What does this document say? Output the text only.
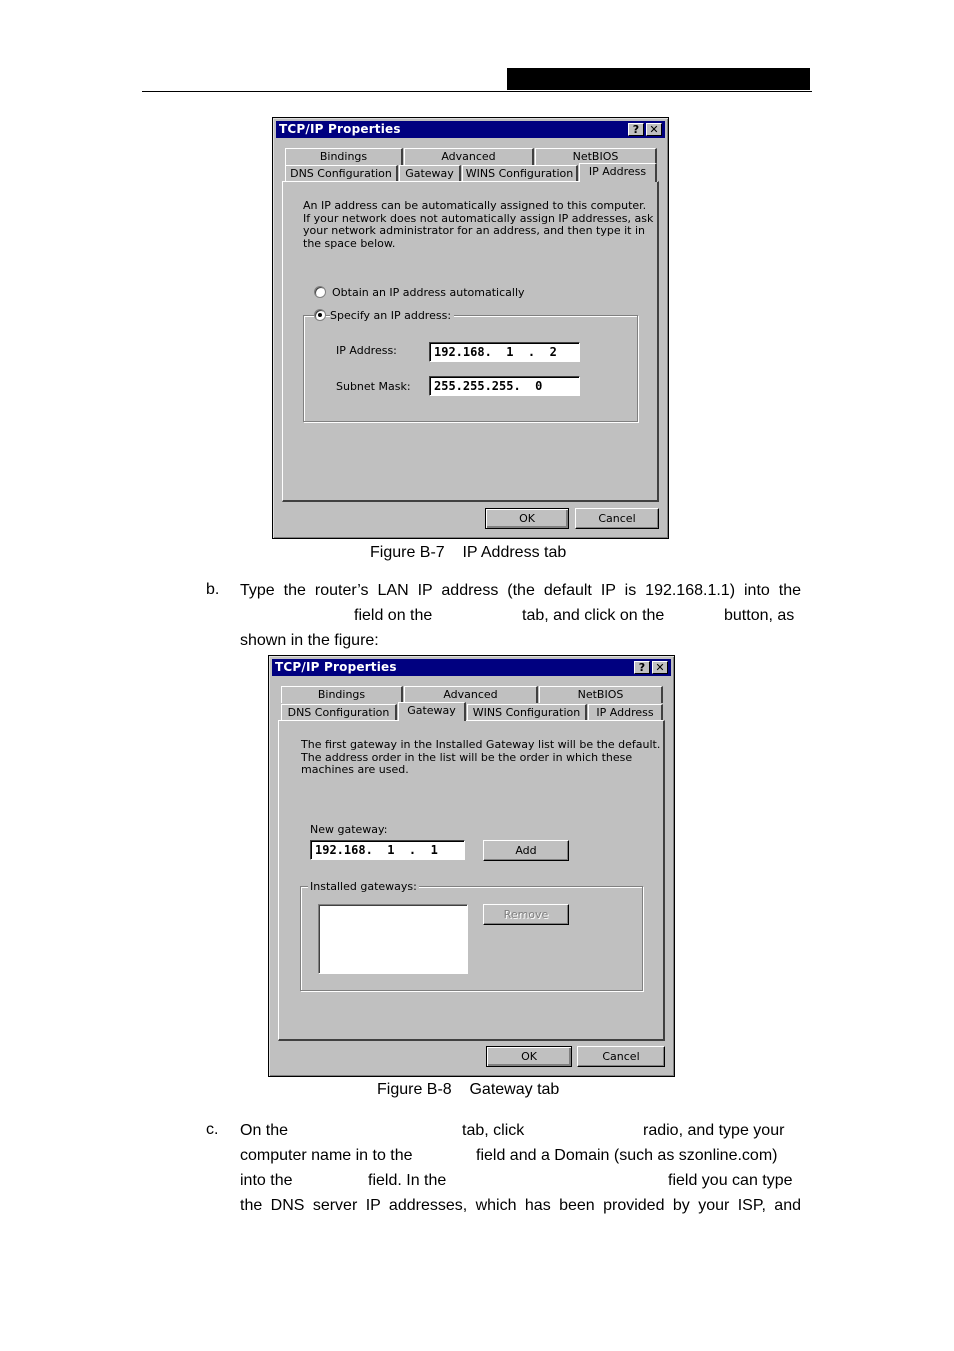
TCP/IP Properties	? ✕
Bindings	Advanced	NetBIOS
DNS Configuration	Gateway	WINS Configuration	IP Address
An IP address can be automatically assigned to this computer.
If your network does not automatically assign IP addresses, ask
your network administrator for an address, and then type it in
the space below.
Obtain an IP address automatically
Specify an IP address:
IP Address:	192.168.  1  .  2
Subnet Mask:	255.255.255.  0
OK	Cancel
Figure B-7    IP Address tab
b. Type the router’s LAN IP address (the default IP is 192.168.1.1) into the
field on the	tab, and click on the	button, as
shown in the figure:
TCP/IP Properties	? ✕
Bindings	Advanced	NetBIOS
DNS Configuration	Gateway	WINS Configuration	IP Address
The first gateway in the Installed Gateway list will be the default.
The address order in the list will be the order in which these
machines are used.
New gateway:
192.168.  1  .  1	Add
Installed gateways:
Remove
OK	Cancel
Figure B-8    Gateway tab
c. On the	tab, click	radio, and type your
computer name in to the	field and a Domain (such as szonline.com)
into the	field. In the	field you can type
the DNS server IP addresses, which has been provided by your ISP, and
